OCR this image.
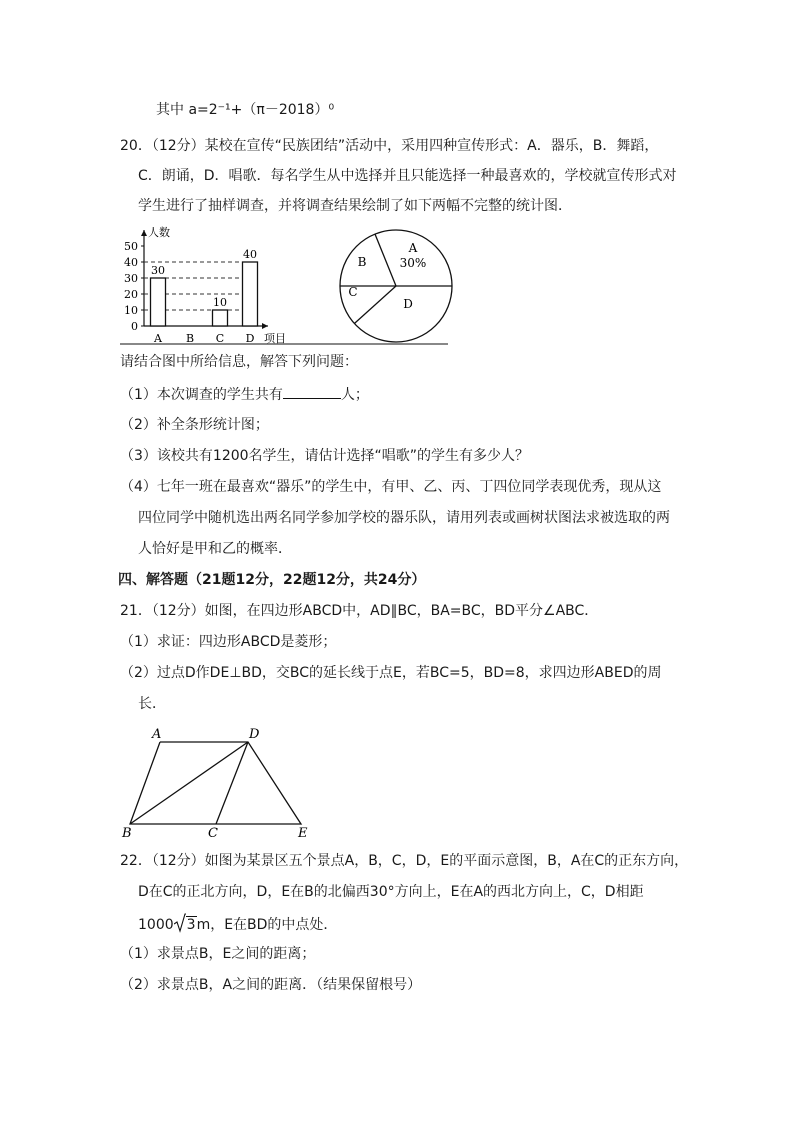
其中 a=2⁻¹+（π－2018）⁰
20．（12分）某校在宣传“民族团结”活动中，采用四种宣传形式：A．器乐，B．舞蹈，
C．朗诵，D．唱歌．每名学生从中选择并且只能选择一种最喜欢的，学校就宣传形式对
学生进行了抽样调查，并将调查结果绘制了如下两幅不完整的统计图．
人数
项目
0
10
20
30
40
50
A
30
B C
10
D
40	A
30%
B
C
D
请结合图中所给信息，解答下列问题：
（1）本次调查的学生共有	人；
（2）补全条形统计图；
（3）该校共有1200名学生，请估计选择“唱歌”的学生有多少人？
（4）七年一班在最喜欢“器乐”的学生中，有甲、乙、丙、丁四位同学表现优秀，现从这
四位同学中随机选出两名同学参加学校的器乐队，请用列表或画树状图法求被选取的两
人恰好是甲和乙的概率．
四、解答题（21题12分，22题12分，共24分）
21．（12分）如图，在四边形ABCD中，AD∥BC，BA=BC，BD平分∠ABC．
（1）求证：四边形ABCD是菱形；
（2）过点D作DE⊥BD，交BC的延长线于点E，若BC=5，BD=8，求四边形ABED的周
长．
A	D
B	C	E
22．（12分）如图为某景区五个景点A，B，C，D，E的平面示意图，B，A在C的正东方向，
D在C的正北方向，D，E在B的北偏西30°方向上，E在A的西北方向上，C，D相距
1000 3m，E在BD的中点处．
（1）求景点B，E之间的距离；
（2）求景点B，A之间的距离．（结果保留根号）
